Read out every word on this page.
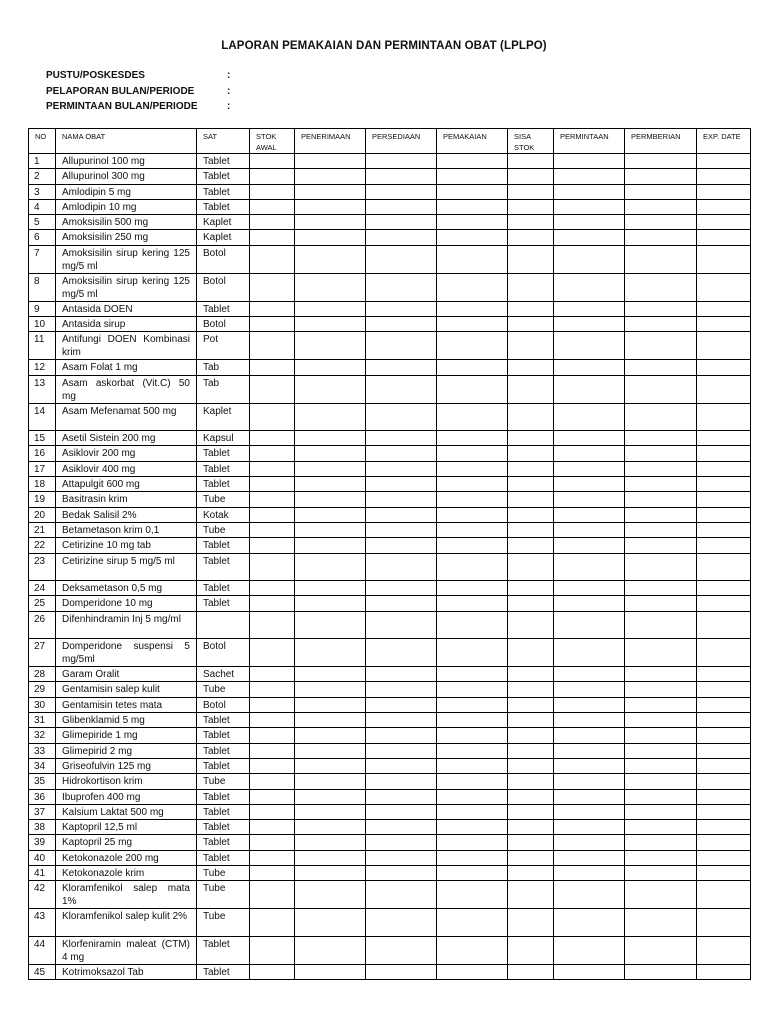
LAPORAN PEMAKAIAN DAN PERMINTAAN OBAT (LPLPO)
PUSTU/POSKESDES	:
PELAPORAN BULAN/PERIODE	:
PERMINTAAN BULAN/PERIODE	:
NO	NAMA OBAT	SAT	STOK AWAL	PENERIMAAN	PERSEDIAAN	PEMAKAIAN	SISA STOK	PERMINTAAN	PERMBERIAN	EXP. DATE
1	Allupurinol 100 mg	Tablet								
2	Allupurinol 300 mg	Tablet								
3	Amlodipin 5 mg	Tablet								
4	Amlodipin 10 mg	Tablet								
5	Amoksisilin 500 mg	Kaplet								
6	Amoksisilin 250 mg	Kaplet								
7	Amoksisilin sirup kering 125 mg/5 ml	Botol								
8	Amoksisilin sirup kering 125 mg/5 ml	Botol								
9	Antasida DOEN	Tablet								
10	Antasida sirup	Botol								
11	Antifungi DOEN Kombinasi krim	Pot								
12	Asam Folat 1 mg	Tab								
13	Asam askorbat (Vit.C) 50 mg	Tab								
14	Asam Mefenamat 500 mg	Kaplet								
15	Asetil Sistein 200 mg	Kapsul								
16	Asiklovir 200 mg	Tablet								
17	Asiklovir 400 mg	Tablet								
18	Attapulgit 600 mg	Tablet								
19	Basitrasin krim	Tube								
20	Bedak Salisil 2%	Kotak								
21	Betametason krim 0,1	Tube								
22	Cetirizine 10 mg tab	Tablet								
23	Cetirizine sirup 5 mg/5 ml	Tablet								
24	Deksametason 0,5 mg	Tablet								
25	Domperidone 10 mg	Tablet								
26	Difenhindramin Inj 5 mg/ml									
27	Domperidone suspensi 5 mg/5ml	Botol								
28	Garam Oralit	Sachet								
29	Gentamisin salep kulit	Tube								
30	Gentamisin tetes mata	Botol								
31	Glibenklamid 5 mg	Tablet								
32	Glimepiride 1 mg	Tablet								
33	Glimepirid 2 mg	Tablet								
34	Griseofulvin 125 mg	Tablet								
35	Hidrokortison krim	Tube								
36	Ibuprofen 400 mg	Tablet								
37	Kalsium Laktat 500 mg	Tablet								
38	Kaptopril 12,5 ml	Tablet								
39	Kaptopril 25 mg	Tablet								
40	Ketokonazole 200 mg	Tablet								
41	Ketokonazole krim	Tube								
42	Kloramfenikol salep mata 1%	Tube								
43	Kloramfenikol salep kulit 2%	Tube								
44	Klorfeniramin maleat (CTM) 4 mg	Tablet								
45	Kotrimoksazol Tab	Tablet								
